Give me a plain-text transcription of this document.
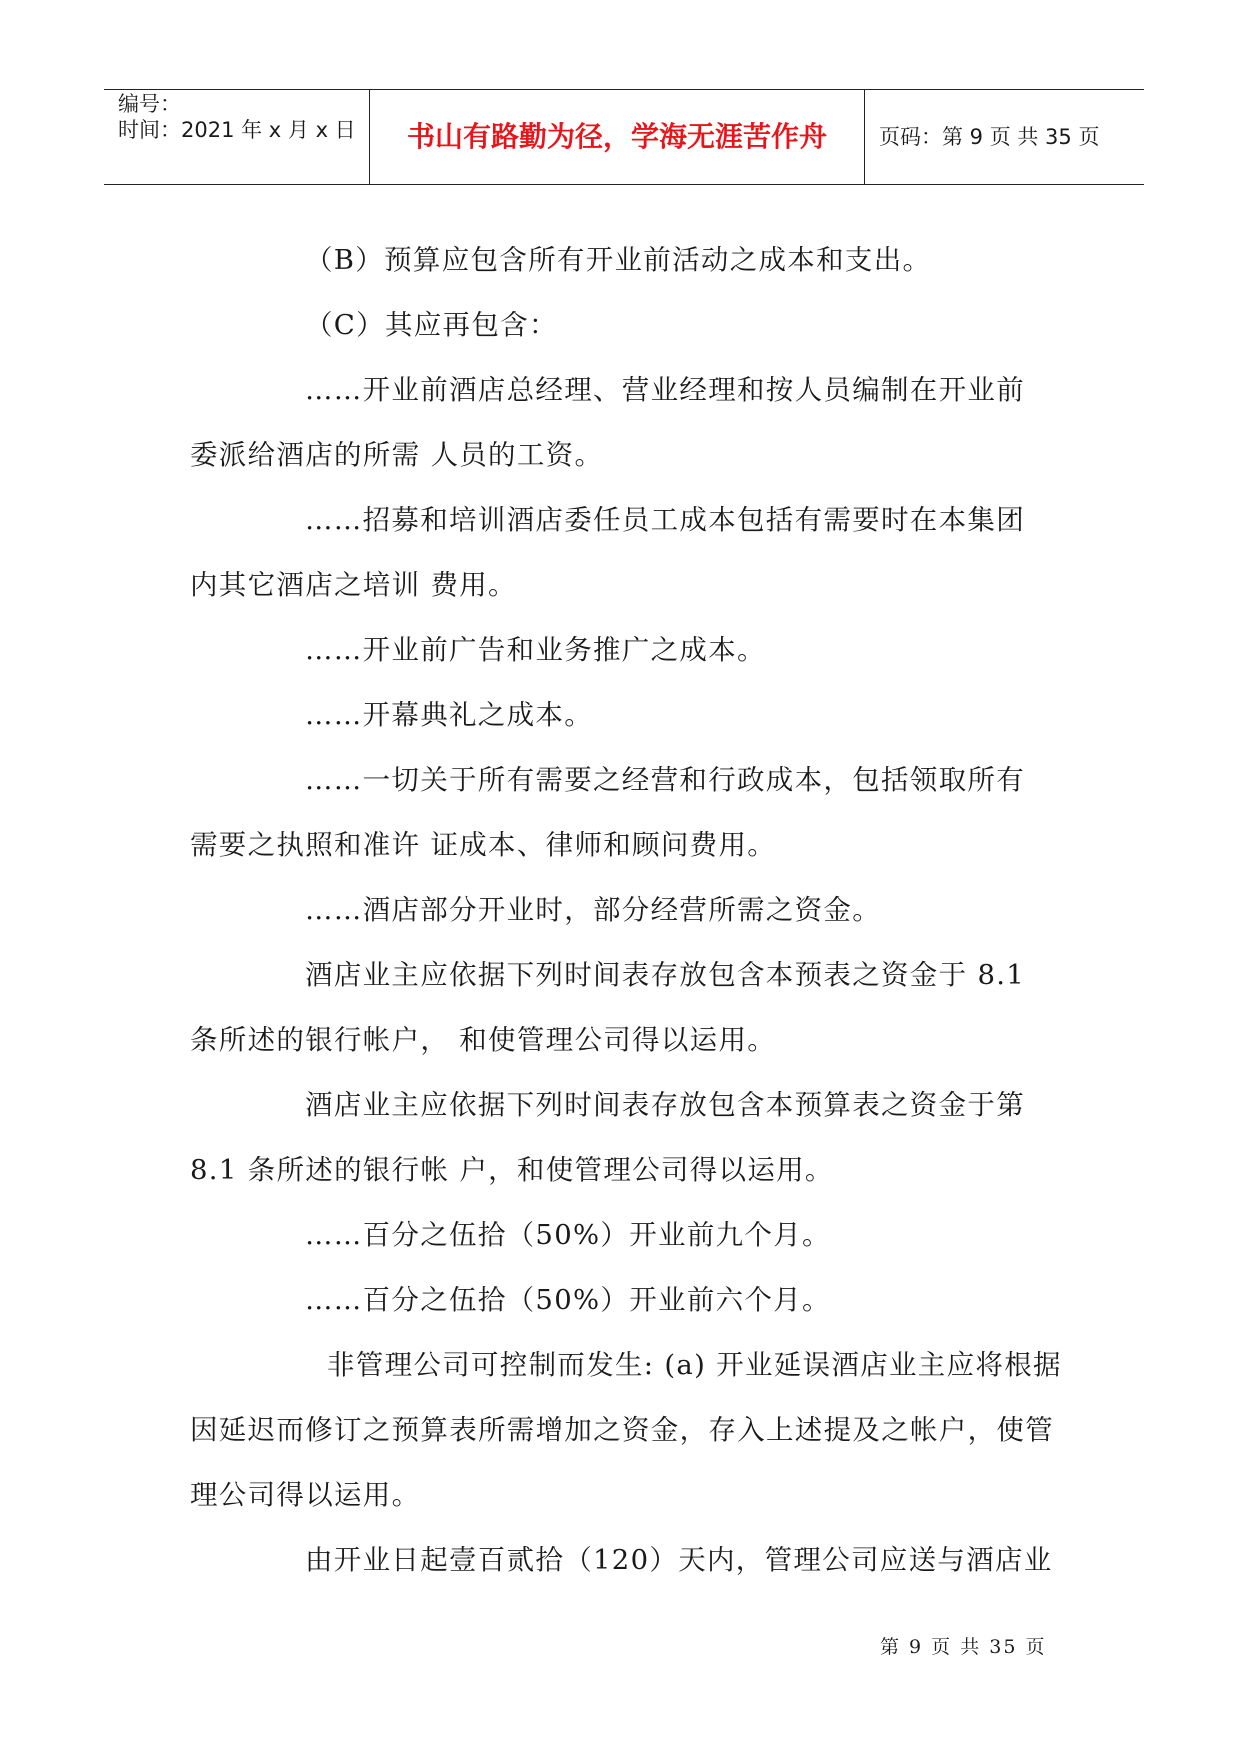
编号：
时间：2021 年 x 月 x 日	书山有路勤为径，学海无涯苦作舟	页码：第 9 页 共 35 页

（B）预算应包含所有开业前活动之成本和支出。

（C）其应再包含：

……开业前酒店总经理、营业经理和按人员编制在开业前

委派给酒店的所需 人员的工资。

……招募和培训酒店委任员工成本包括有需要时在本集团

内其它酒店之培训 费用。

……开业前广告和业务推广之成本。

……开幕典礼之成本。

……一切关于所有需要之经营和行政成本，包括领取所有

需要之执照和准许 证成本、律师和顾问费用。

……酒店部分开业时，部分经营所需之资金。

酒店业主应依据下列时间表存放包含本预表之资金于 8.1

条所述的银行帐户， 和使管理公司得以运用。

酒店业主应依据下列时间表存放包含本预算表之资金于第

8.1 条所述的银行帐 户，和使管理公司得以运用。

……百分之伍拾（50%）开业前九个月。

……百分之伍拾（50%）开业前六个月。

非管理公司可控制而发生: (a) 开业延误酒店业主应将根据

因延迟而修订之预算表所需增加之资金，存入上述提及之帐户，使管

理公司得以运用。

由开业日起壹百贰拾（120）天内，管理公司应送与酒店业

第 9 页 共 35 页
